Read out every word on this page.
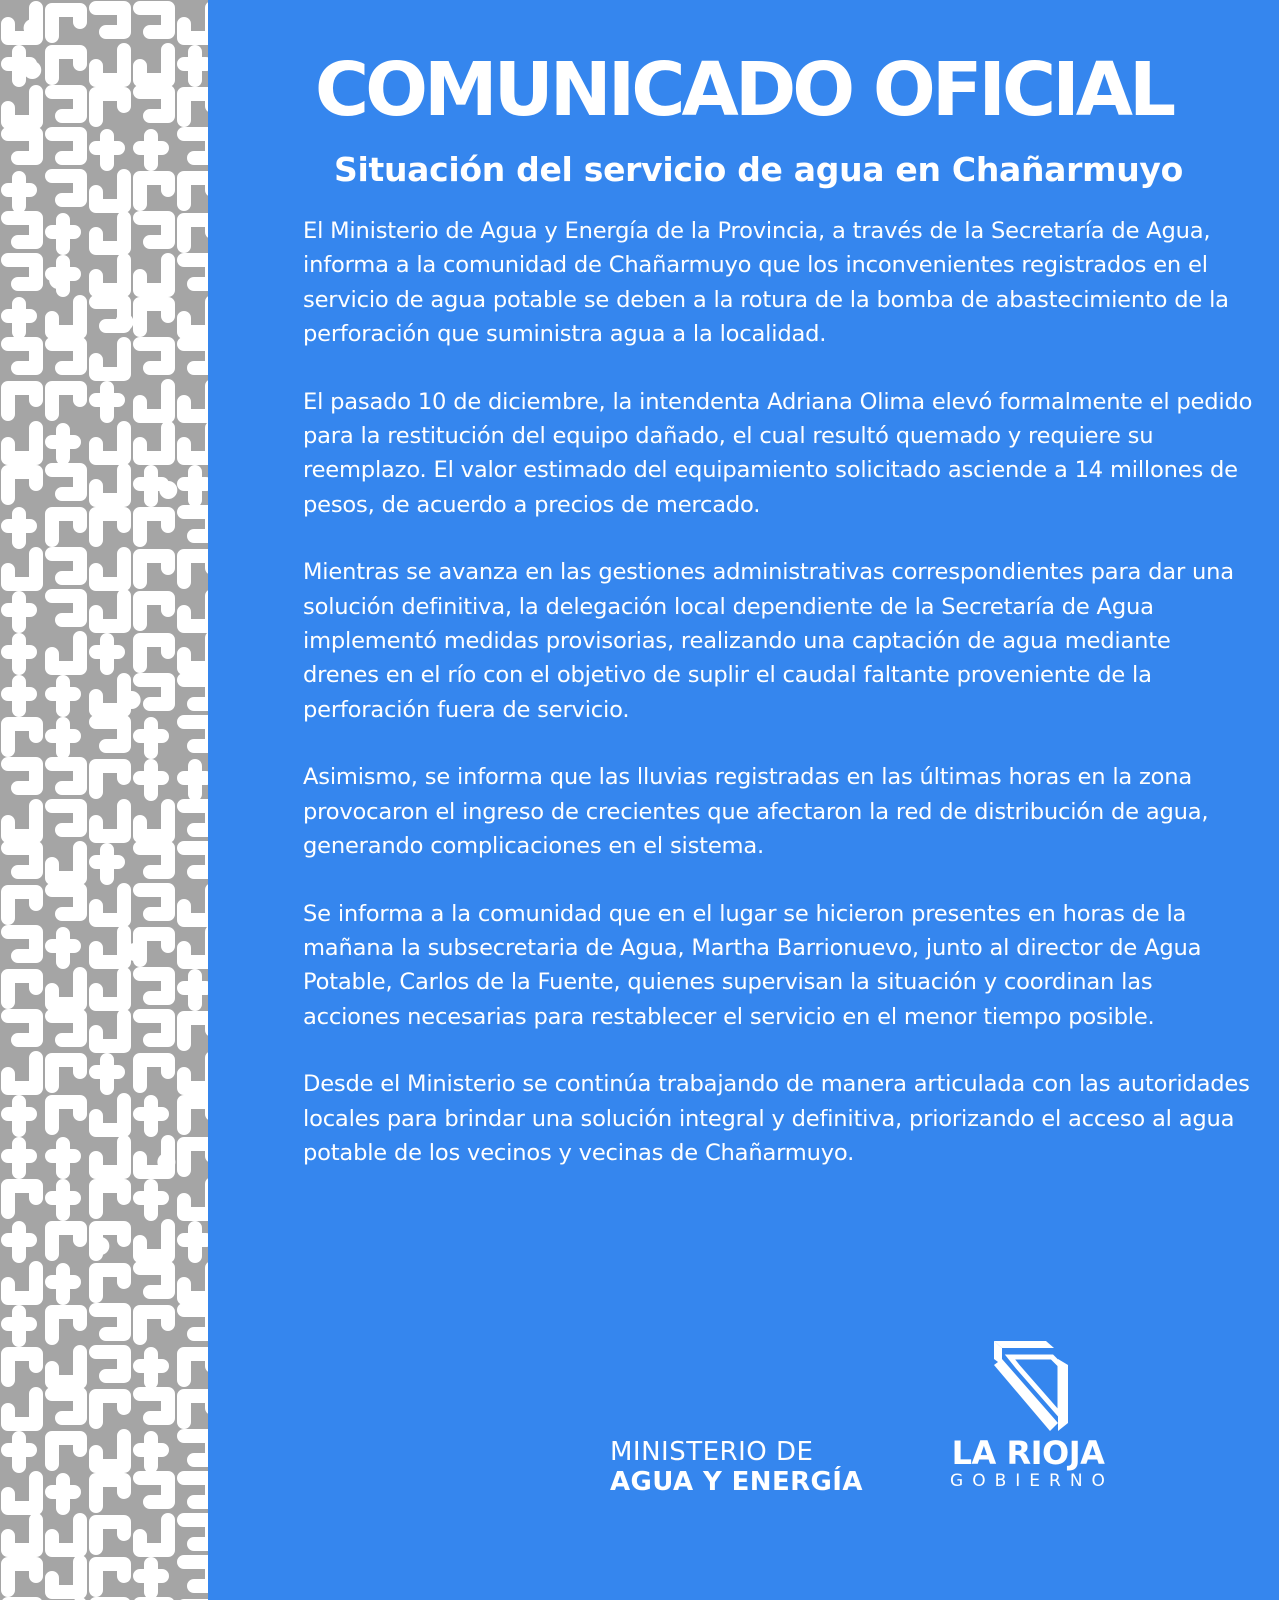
COMUNICADO OFICIAL
Situación del servicio de agua en Chañarmuyo

El Ministerio de Agua y Energía de la Provincia, a través de la Secretaría de Agua, informa a la comunidad de Chañarmuyo que los inconvenientes registrados en el servicio de agua potable se deben a la rotura de la bomba de abastecimiento de la perforación que suministra agua a la localidad.

El pasado 10 de diciembre, la intendenta Adriana Olima elevó formalmente el pedido para la restitución del equipo dañado, el cual resultó quemado y requiere su reemplazo. El valor estimado del equipamiento solicitado asciende a 14 millones de pesos, de acuerdo a precios de mercado.

Mientras se avanza en las gestiones administrativas correspondientes para dar una solución definitiva, la delegación local dependiente de la Secretaría de Agua implementó medidas provisorias, realizando una captación de agua mediante drenes en el río con el objetivo de suplir el caudal faltante proveniente de la perforación fuera de servicio.

Asimismo, se informa que las lluvias registradas en las últimas horas en la zona provocaron el ingreso de crecientes que afectaron la red de distribución de agua, generando complicaciones en el sistema.

Se informa a la comunidad que en el lugar se hicieron presentes en horas de la mañana la subsecretaria de Agua, Martha Barrionuevo, junto al director de Agua Potable, Carlos de la Fuente, quienes supervisan la situación y coordinan las acciones necesarias para restablecer el servicio en el menor tiempo posible.

Desde el Ministerio se continúa trabajando de manera articulada con las autoridades locales para brindar una solución integral y definitiva, priorizando el acceso al agua potable de los vecinos y vecinas de Chañarmuyo.

MINISTERIO DE
AGUA Y ENERGÍA
LA RIOJA
GOBIERNO
